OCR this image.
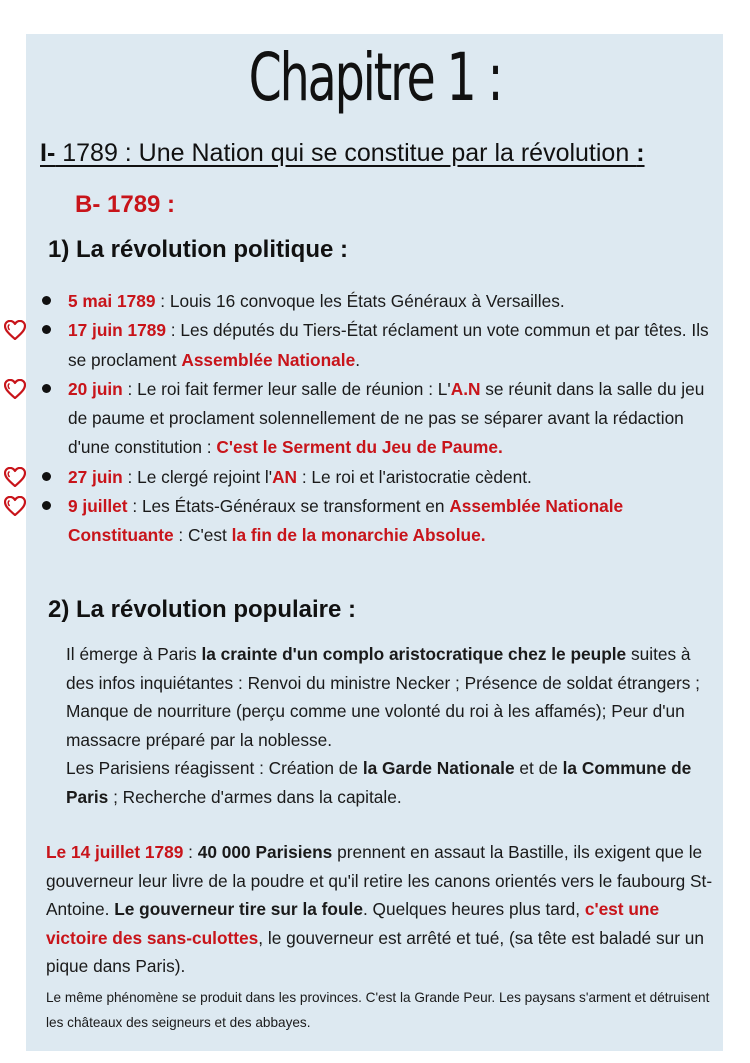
Chapitre 1 :
I- 1789 : Une Nation qui se constitue par la révolution :
B- 1789 :
1) La révolution politique :
5 mai 1789 : Louis 16 convoque les États Généraux à Versailles.
17 juin 1789 : Les députés du Tiers-État réclament un vote commun et par têtes. Ils se proclament Assemblée Nationale.
20 juin : Le roi fait fermer leur salle de réunion : L'A.N se réunit dans la salle du jeu de paume et proclament solennellement de ne pas se séparer avant la rédaction d'une constitution : C'est le Serment du Jeu de Paume.
27 juin : Le clergé rejoint l'AN : Le roi et l'aristocratie cèdent.
9 juillet : Les États-Généraux se transforment en Assemblée Nationale Constituante : C'est la fin de la monarchie Absolue.
2) La révolution populaire :

Il émerge à Paris la crainte d'un complo aristocratique chez le peuple suites à des infos inquiétantes : Renvoi du ministre Necker ; Présence de soldat étrangers ; Manque de nourriture (perçu comme une volonté du roi à les affamés); Peur d'un massacre préparé par la noblesse.

Les Parisiens réagissent : Création de la Garde Nationale et de la Commune de Paris ; Recherche d'armes dans la capitale.

Le 14 juillet 1789 : 40 000 Parisiens prennent en assaut la Bastille, ils exigent que le gouverneur leur livre de la poudre et qu'il retire les canons orientés vers le faubourg St-Antoine. Le gouverneur tire sur la foule. Quelques heures plus tard, c'est une victoire des sans-culottes, le gouverneur est arrêté et tué, (sa tête est baladé sur un pique dans Paris).

Le même phénomène se produit dans les provinces. C'est la Grande Peur. Les paysans s'arment et détruisent les châteaux des seigneurs et des abbayes.
